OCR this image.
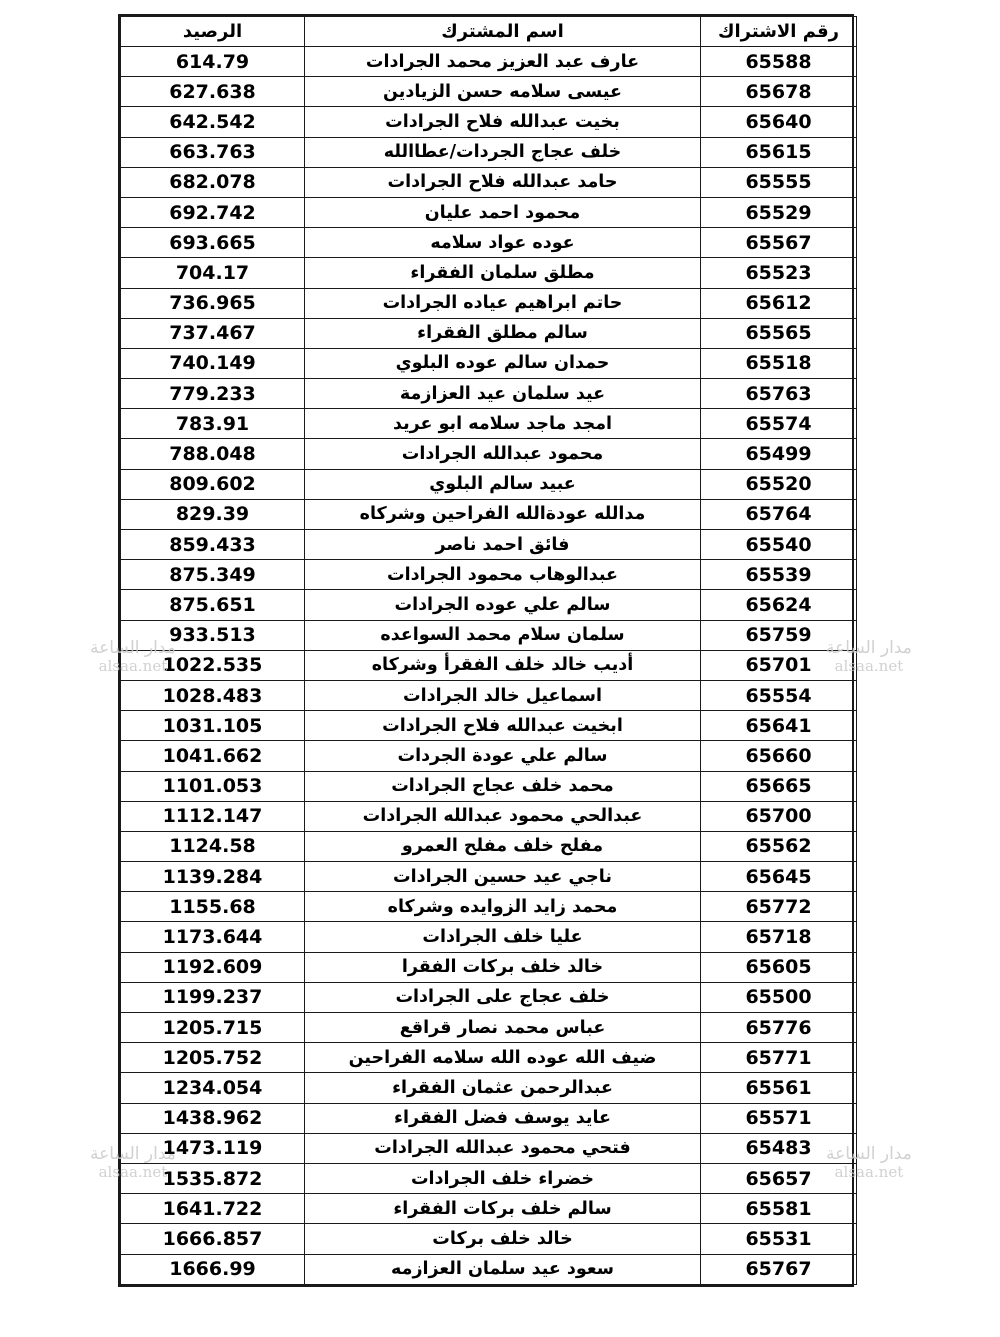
رقم الاشتراك	اسم المشترك	الرصيد
65588	عارف عبد العزيز محمد الجرادات	614.79
65678	عيسى سلامه حسن الزيادين	627.638
65640	بخيت عبدالله فلاح الجرادات	642.542
65615	خلف عجاج الجردات/عطاالله	663.763
65555	حامد عبدالله فلاح الجرادات	682.078
65529	محمود احمد عليان	692.742
65567	عوده عواد سلامه	693.665
65523	مطلق سلمان الفقراء	704.17
65612	حاتم ابراهيم عياده الجرادات	736.965
65565	سالم مطلق الفقراء	737.467
65518	حمدان سالم عوده البلوي	740.149
65763	عيد سلمان عيد العزازمة	779.233
65574	امجد ماجد سلامه ابو عريد	783.91
65499	محمود عبدالله الجرادات	788.048
65520	عبيد سالم البلوي	809.602
65764	مدالله عودةالله الفراحين وشركاه	829.39
65540	فائق احمد ناصر	859.433
65539	عبدالوهاب محمود الجرادات	875.349
65624	سالم علي عوده الجرادات	875.651
65759	سلمان سلام محمد السواعده	933.513
65701	أديب خالد خلف الفقرأ وشركاه	1022.535
65554	اسماعيل خالد الجرادات	1028.483
65641	ابخيت عبدالله فلاح الجرادات	1031.105
65660	سالم علي عودة الجردات	1041.662
65665	محمد خلف عجاج الجرادات	1101.053
65700	عبدالحي محمود عبدالله الجرادات	1112.147
65562	مفلح خلف مفلح العمرو	1124.58
65645	ناجي عيد حسين الجرادات	1139.284
65772	محمد زايد الزوايده وشركاه	1155.68
65718	عليا خلف الجرادات	1173.644
65605	خالد خلف بركات الفقرا	1192.609
65500	خلف عجاج على الجرادات	1199.237
65776	عباس محمد نصار قراقع	1205.715
65771	ضيف الله عوده الله سلامه الفراحين	1205.752
65561	عبدالرحمن عثمان الفقراء	1234.054
65571	عايد يوسف فضل الفقراء	1438.962
65483	فتحي محمود عبدالله الجرادات	1473.119
65657	خضراء خلف الجرادات	1535.872
65581	سالم خلف بركات الفقراء	1641.722
65531	خالد خلف بركات	1666.857
65767	سعود عيد سلمان العزازمه	1666.99
مدار الساعة
alsaa.net
مدار الساعة
alsaa.net
مدار الساعة
alsaa.net
مدار الساعة
alsaa.net
